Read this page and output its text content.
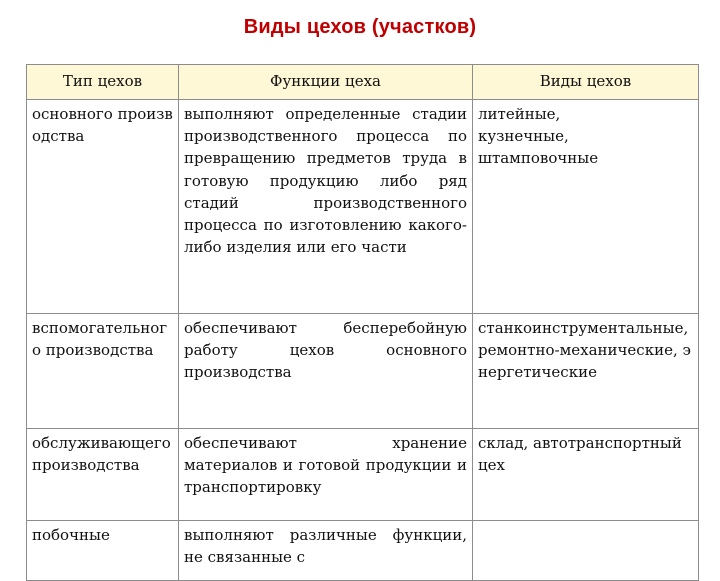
Виды цехов (участков)
Тип цехов	Функции цеха	Виды цехов
основного производства	выполняют определенные стадии производственного процесса по превращению предметов труда в готовую продукцию либо ряд стадий производственного процесса по изготовлению какого-либо изделия или его части	литейные, кузнечные, штамповочные
вспомогательного производства	обеспечивают бесперебойную работу цехов основного производства	станкоинструментальные, ремонтно-механические, энергетические
обслуживающего производства	обеспечивают хранение материалов и готовой продукции и транспортировку	склад, автотранспортный цех
побочные	выполняют различные функции, не связанные с	
